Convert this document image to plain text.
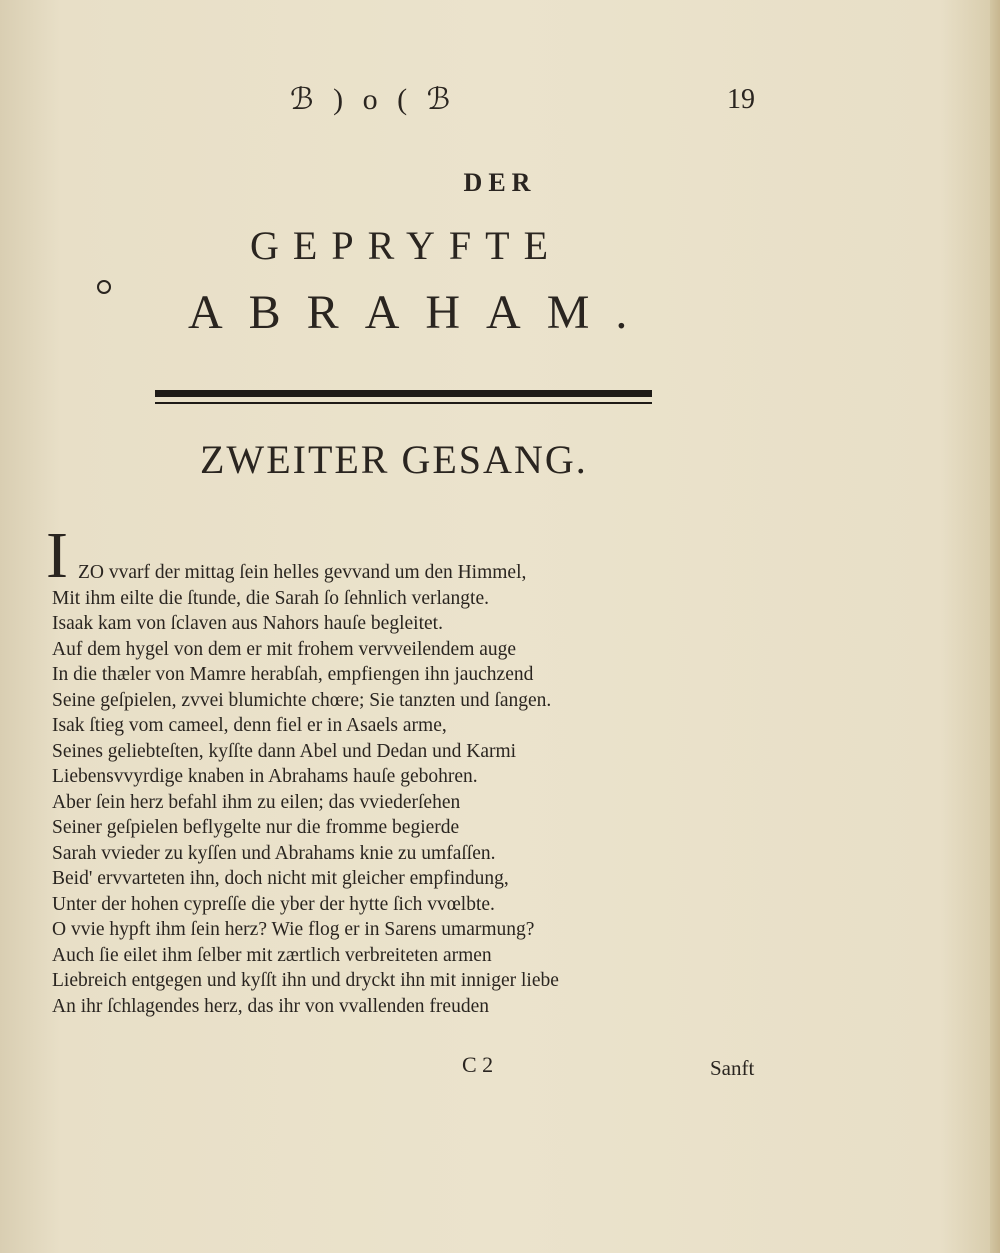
ℬ ) o ( ℬ	19
DER
GEPRYFTE
ABRAHAM.
ZWEITER GESANG.
I ZO vvarf der mittag ſein helles gevvand um den Himmel,
Mit ihm eilte die ſtunde, die Sarah ſo ſehnlich verlangte.
Isaak kam von ſclaven aus Nahors hauſe begleitet.
Auf dem hygel von dem er mit frohem vervveilendem auge
In die thæler von Mamre herabſah, empfiengen ihn jauchzend
Seine geſpielen, zvvei blumichte chœre; Sie tanzten und ſangen.
Isak ſtieg vom cameel, denn fiel er in Asaels arme,
Seines geliebteſten, kyſſte dann Abel und Dedan und Karmi
Liebensvvyrdige knaben in Abrahams hauſe gebohren.
Aber ſein herz befahl ihm zu eilen; das vviederſehen
Seiner geſpielen beflygelte nur die fromme begierde
Sarah vvieder zu kyſſen und Abrahams knie zu umfaſſen.
Beid' ervvarteten ihn, doch nicht mit gleicher empfindung,
Unter der hohen cypreſſe die yber der hytte ſich vvœlbte.
O vvie hypft ihm ſein herz? Wie flog er in Sarens umarmung?
Auch ſie eilet ihm ſelber mit zærtlich verbreiteten armen
Liebreich entgegen und kyſſt ihn und dryckt ihn mit inniger liebe
An ihr ſchlagendes herz, das ihr von vvallenden freuden
C 2	Sanft
